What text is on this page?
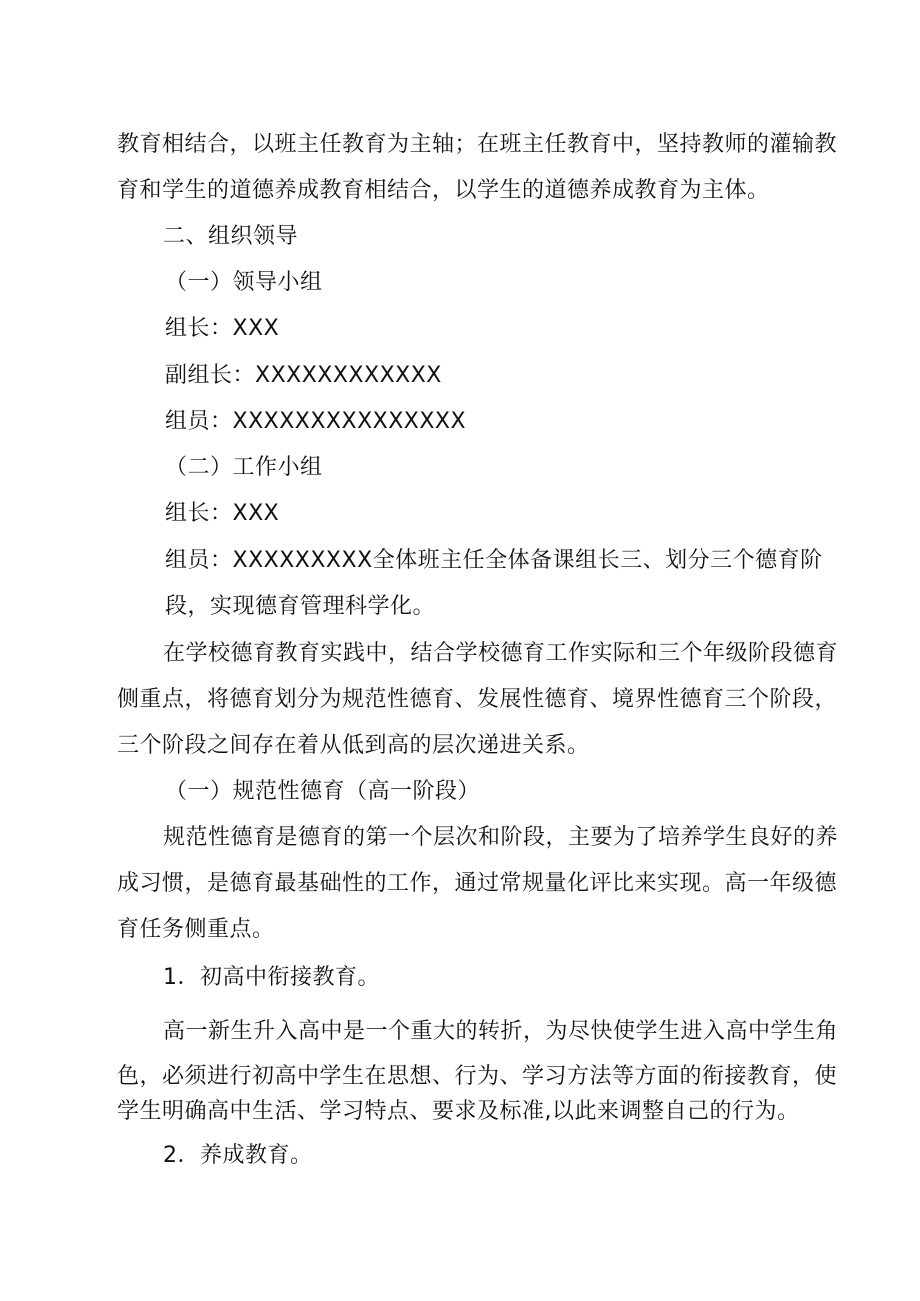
教育相结合，以班主任教育为主轴；在班主任教育中，坚持教师的灌输教
育和学生的道德养成教育相结合，以学生的道德养成教育为主体。
二、组织领导
（一）领导小组
组长：XXX
副组长：XXXXXXXXXXXX
组员：XXXXXXXXXXXXXXX
（二）工作小组
组长：XXX
组员：XXXXXXXXX全体班主任全体备课组长三、划分三个德育阶
段，实现德育管理科学化。
在学校德育教育实践中，结合学校德育工作实际和三个年级阶段德育
侧重点，将德育划分为规范性德育、发展性德育、境界性德育三个阶段，
三个阶段之间存在着从低到高的层次递进关系。
（一）规范性德育（高一阶段）
规范性德育是德育的第一个层次和阶段，主要为了培养学生良好的养
成习惯，是德育最基础性的工作，通过常规量化评比来实现。高一年级德
育任务侧重点。
1．初高中衔接教育。
高一新生升入高中是一个重大的转折，为尽快使学生进入高中学生角
色，必须进行初高中学生在思想、行为、学习方法等方面的衔接教育，使
学生明确高中生活、学习特点、要求及标准,以此来调整自己的行为。
2．养成教育。
